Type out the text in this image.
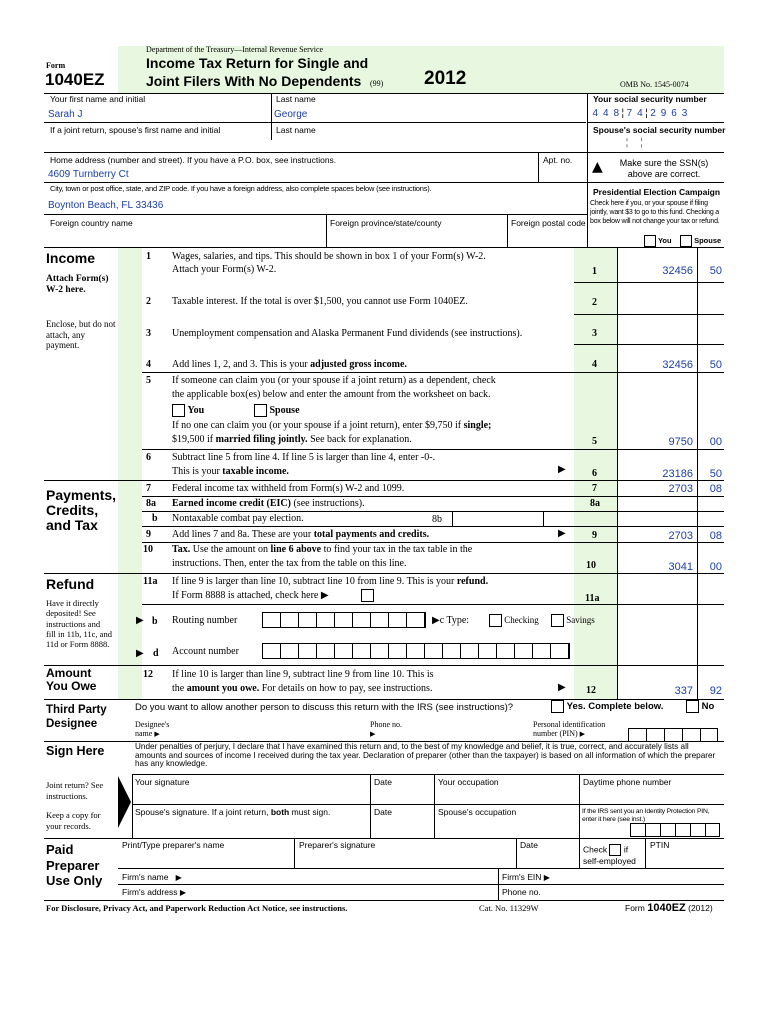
Form
1040EZ
Department of the Treasury—Internal Revenue Service
Income Tax Return for Single and
Joint Filers With No Dependents (99) 2012	OMB No. 1545-0074
Your first name and initial
Sarah J
Last name
George
Your social security number
4 4 8 ¦ 7 4 ¦ 2 9 6 3
If a joint return, spouse's first name and initial	Last name	Spouse's social security number
¦     ¦
Home address (number and street). If you have a P.O. box, see instructions.
4609 Turnberry Ct
Apt. no. ▲	Make sure the SSN(s) above are correct.
City, town or post office, state, and ZIP code. If you have a foreign address, also complete spaces below (see instructions).
Boynton Beach, FL 33436
Presidential Election Campaign
Check here if you, or your spouse if filing jointly, want $3 to go to this fund. Checking a box below will not change your tax or refund.
You	Spouse
Foreign country name	Foreign province/state/county	Foreign postal code
Income
Attach Form(s) W-2 here.
Enclose, but do not attach, any payment.
1 Wages, salaries, and tips. This should be shown in box 1 of your Form(s) W-2.
Attach your Form(s) W-2.	1	32456	50
2 Taxable interest. If the total is over $1,500, you cannot use Form 1040EZ.	2
3 Unemployment compensation and Alaska Permanent Fund dividends (see instructions).	3
4 Add lines 1, 2, and 3. This is your adjusted gross income.	4	32456	50
5 If someone can claim you (or your spouse if a joint return) as a dependent, check
the applicable box(es) below and enter the amount from the worksheet on back.
You	Spouse
If no one can claim you (or your spouse if a joint return), enter $9,750 if single;
$19,500 if married filing jointly. See back for explanation.	5	9750	00
6 Subtract line 5 from line 4. If line 5 is larger than line 4, enter -0-.
This is your taxable income.	▶	6	23186	50
Payments, Credits, and Tax
7 Federal income tax withheld from Form(s) W-2 and 1099.	7	2703	08
8a Earned income credit (EIC) (see instructions).	8a
b Nontaxable combat pay election.	8b
9 Add lines 7 and 8a. These are your total payments and credits.	▶	9	2703	08
10 Tax. Use the amount on line 6 above to find your tax in the tax table in the
instructions. Then, enter the tax from the table on this line.	10	3041	00
Refund
Have it directly deposited! See instructions and fill in 11b, 11c, and 11d or Form 8888.
11a If line 9 is larger than line 10, subtract line 10 from line 9. This is your refund.
If Form 8888 is attached, check here ▶	11a
▶ b Routing number	▶c Type:	Checking	Savings
▶ d Account number
Amount You Owe
12 If line 10 is larger than line 9, subtract line 9 from line 10. This is
the amount you owe. For details on how to pay, see instructions.	▶ 12	337	92
Third Party Designee
Do you want to allow another person to discuss this return with the IRS (see instructions)?	Yes. Complete below.	No
Designee's name ▶
Phone no. ▶
Personal identification number (PIN) ▶
Sign Here
Joint return? See instructions.
Keep a copy for your records.
Under penalties of perjury, I declare that I have examined this return and, to the best of my knowledge and belief, it is true, correct, and accurately lists all amounts and sources of income I received during the tax year. Declaration of preparer (other than the taxpayer) is based on all information of which the preparer has any knowledge.
Your signature	Date	Your occupation	Daytime phone number
Spouse's signature. If a joint return, both must sign.	Date	Spouse's occupation	If the IRS sent you an Identity Protection PIN, enter it here (see inst.)
Paid Preparer Use Only
Print/Type preparer's name	Preparer's signature	Date	Check if self-employed
PTIN
Firm's name ▶	Firm's EIN ▶
Firm's address ▶	Phone no.
For Disclosure, Privacy Act, and Paperwork Reduction Act Notice, see instructions.	Cat. No. 11329W	Form 1040EZ (2012)
